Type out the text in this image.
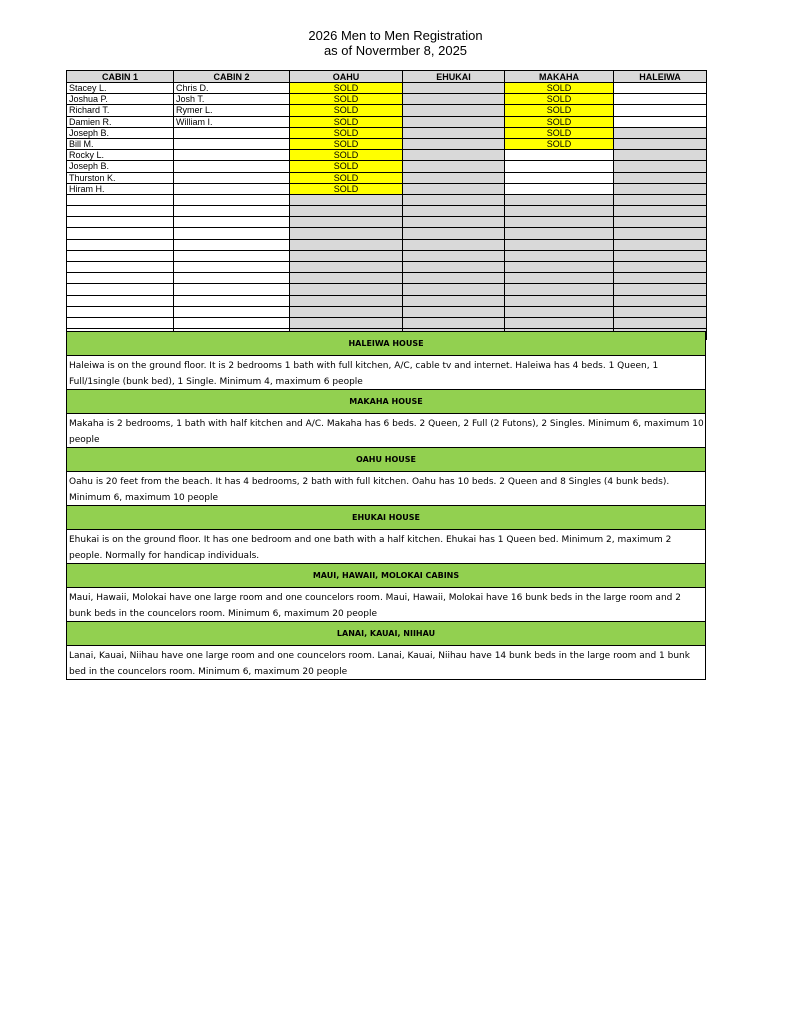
2026 Men to Men Registration
as of Novermber 8, 2025
CABIN 1	CABIN 2	OAHU	EHUKAI	MAKAHA	HALEIWA
Stacey L.	Chris D.	SOLD		SOLD	
Joshua P.	Josh T.	SOLD		SOLD	
Richard T.	Rymer L.	SOLD		SOLD	
Damien R.	William I.	SOLD		SOLD	
Joseph B.		SOLD		SOLD	
Bill M.		SOLD		SOLD	
Rocky L.		SOLD			
Joseph B.		SOLD			
Thurston K.		SOLD			
Hiram H.		SOLD			

HALEIWA HOUSE
Haleiwa is on the ground floor. It is 2 bedrooms 1 bath with full kitchen, A/C, cable tv and internet. Haleiwa has 4 beds. 1 Queen, 1 Full/1single (bunk bed), 1 Single. Minimum 4, maximum 6 people
MAKAHA HOUSE
Makaha is 2 bedrooms, 1 bath with half kitchen and A/C. Makaha has 6 beds. 2 Queen, 2 Full (2 Futons), 2 Singles. Minimum 6, maximum 10 people
OAHU HOUSE
Oahu is 20 feet from the beach. It has 4 bedrooms, 2 bath with full kitchen. Oahu has 10 beds. 2 Queen and 8 Singles (4 bunk beds). Minimum 6, maximum 10 people
EHUKAI HOUSE
Ehukai is on the ground floor. It has one bedroom and one bath with a half kitchen. Ehukai has 1 Queen bed. Minimum 2, maximum 2 people. Normally for handicap individuals.
MAUI, HAWAII, MOLOKAI CABINS
Maui, Hawaii, Molokai have one large room and one councelors room. Maui, Hawaii, Molokai have 16 bunk beds in the large room and 2 bunk beds in the councelors room. Minimum 6, maximum 20 people
LANAI, KAUAI, NIIHAU
Lanai, Kauai, Niihau have one large room and one councelors room. Lanai, Kauai, Niihau have 14 bunk beds in the large room and 1 bunk bed in the councelors room. Minimum 6, maximum 20 people
